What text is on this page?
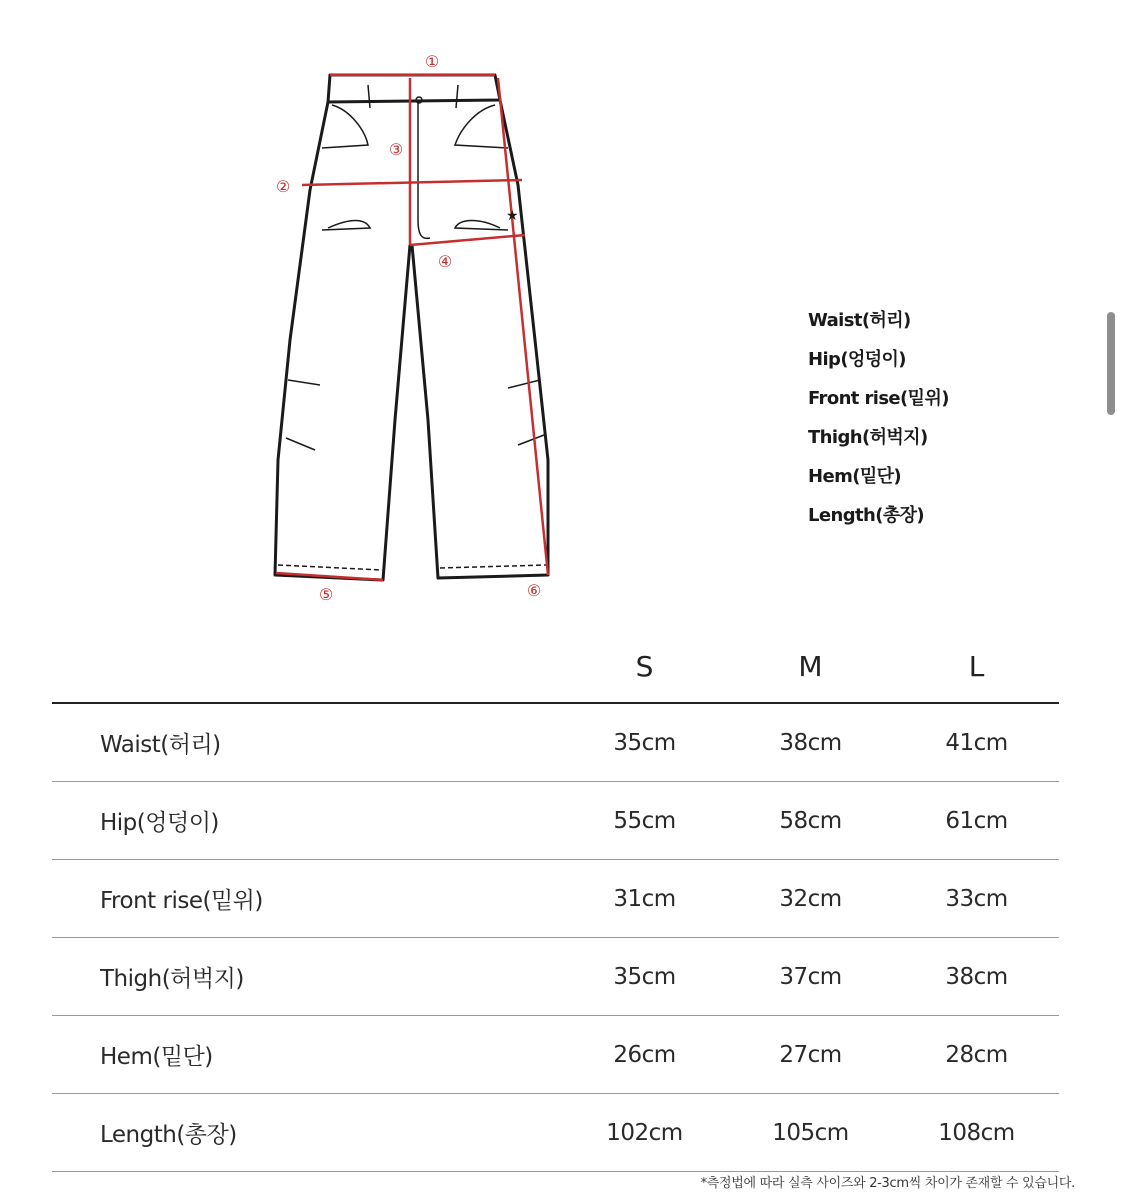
★
①
②
③
④
⑤	⑥
Waist(허리)
Hip(엉덩이)
Front rise(밑위)
Thigh(허벅지)
Hem(밑단)
Length(총장)
	S	M	L
Waist(허리)	35cm	38cm	41cm
Hip(엉덩이)	55cm	58cm	61cm
Front rise(밑위)	31cm	32cm	33cm
Thigh(허벅지)	35cm	37cm	38cm
Hem(밑단)	26cm	27cm	28cm
Length(총장)	102cm	105cm	108cm
*측정법에 따라 실측 사이즈와 2-3cm씩 차이가 존재할 수 있습니다.
